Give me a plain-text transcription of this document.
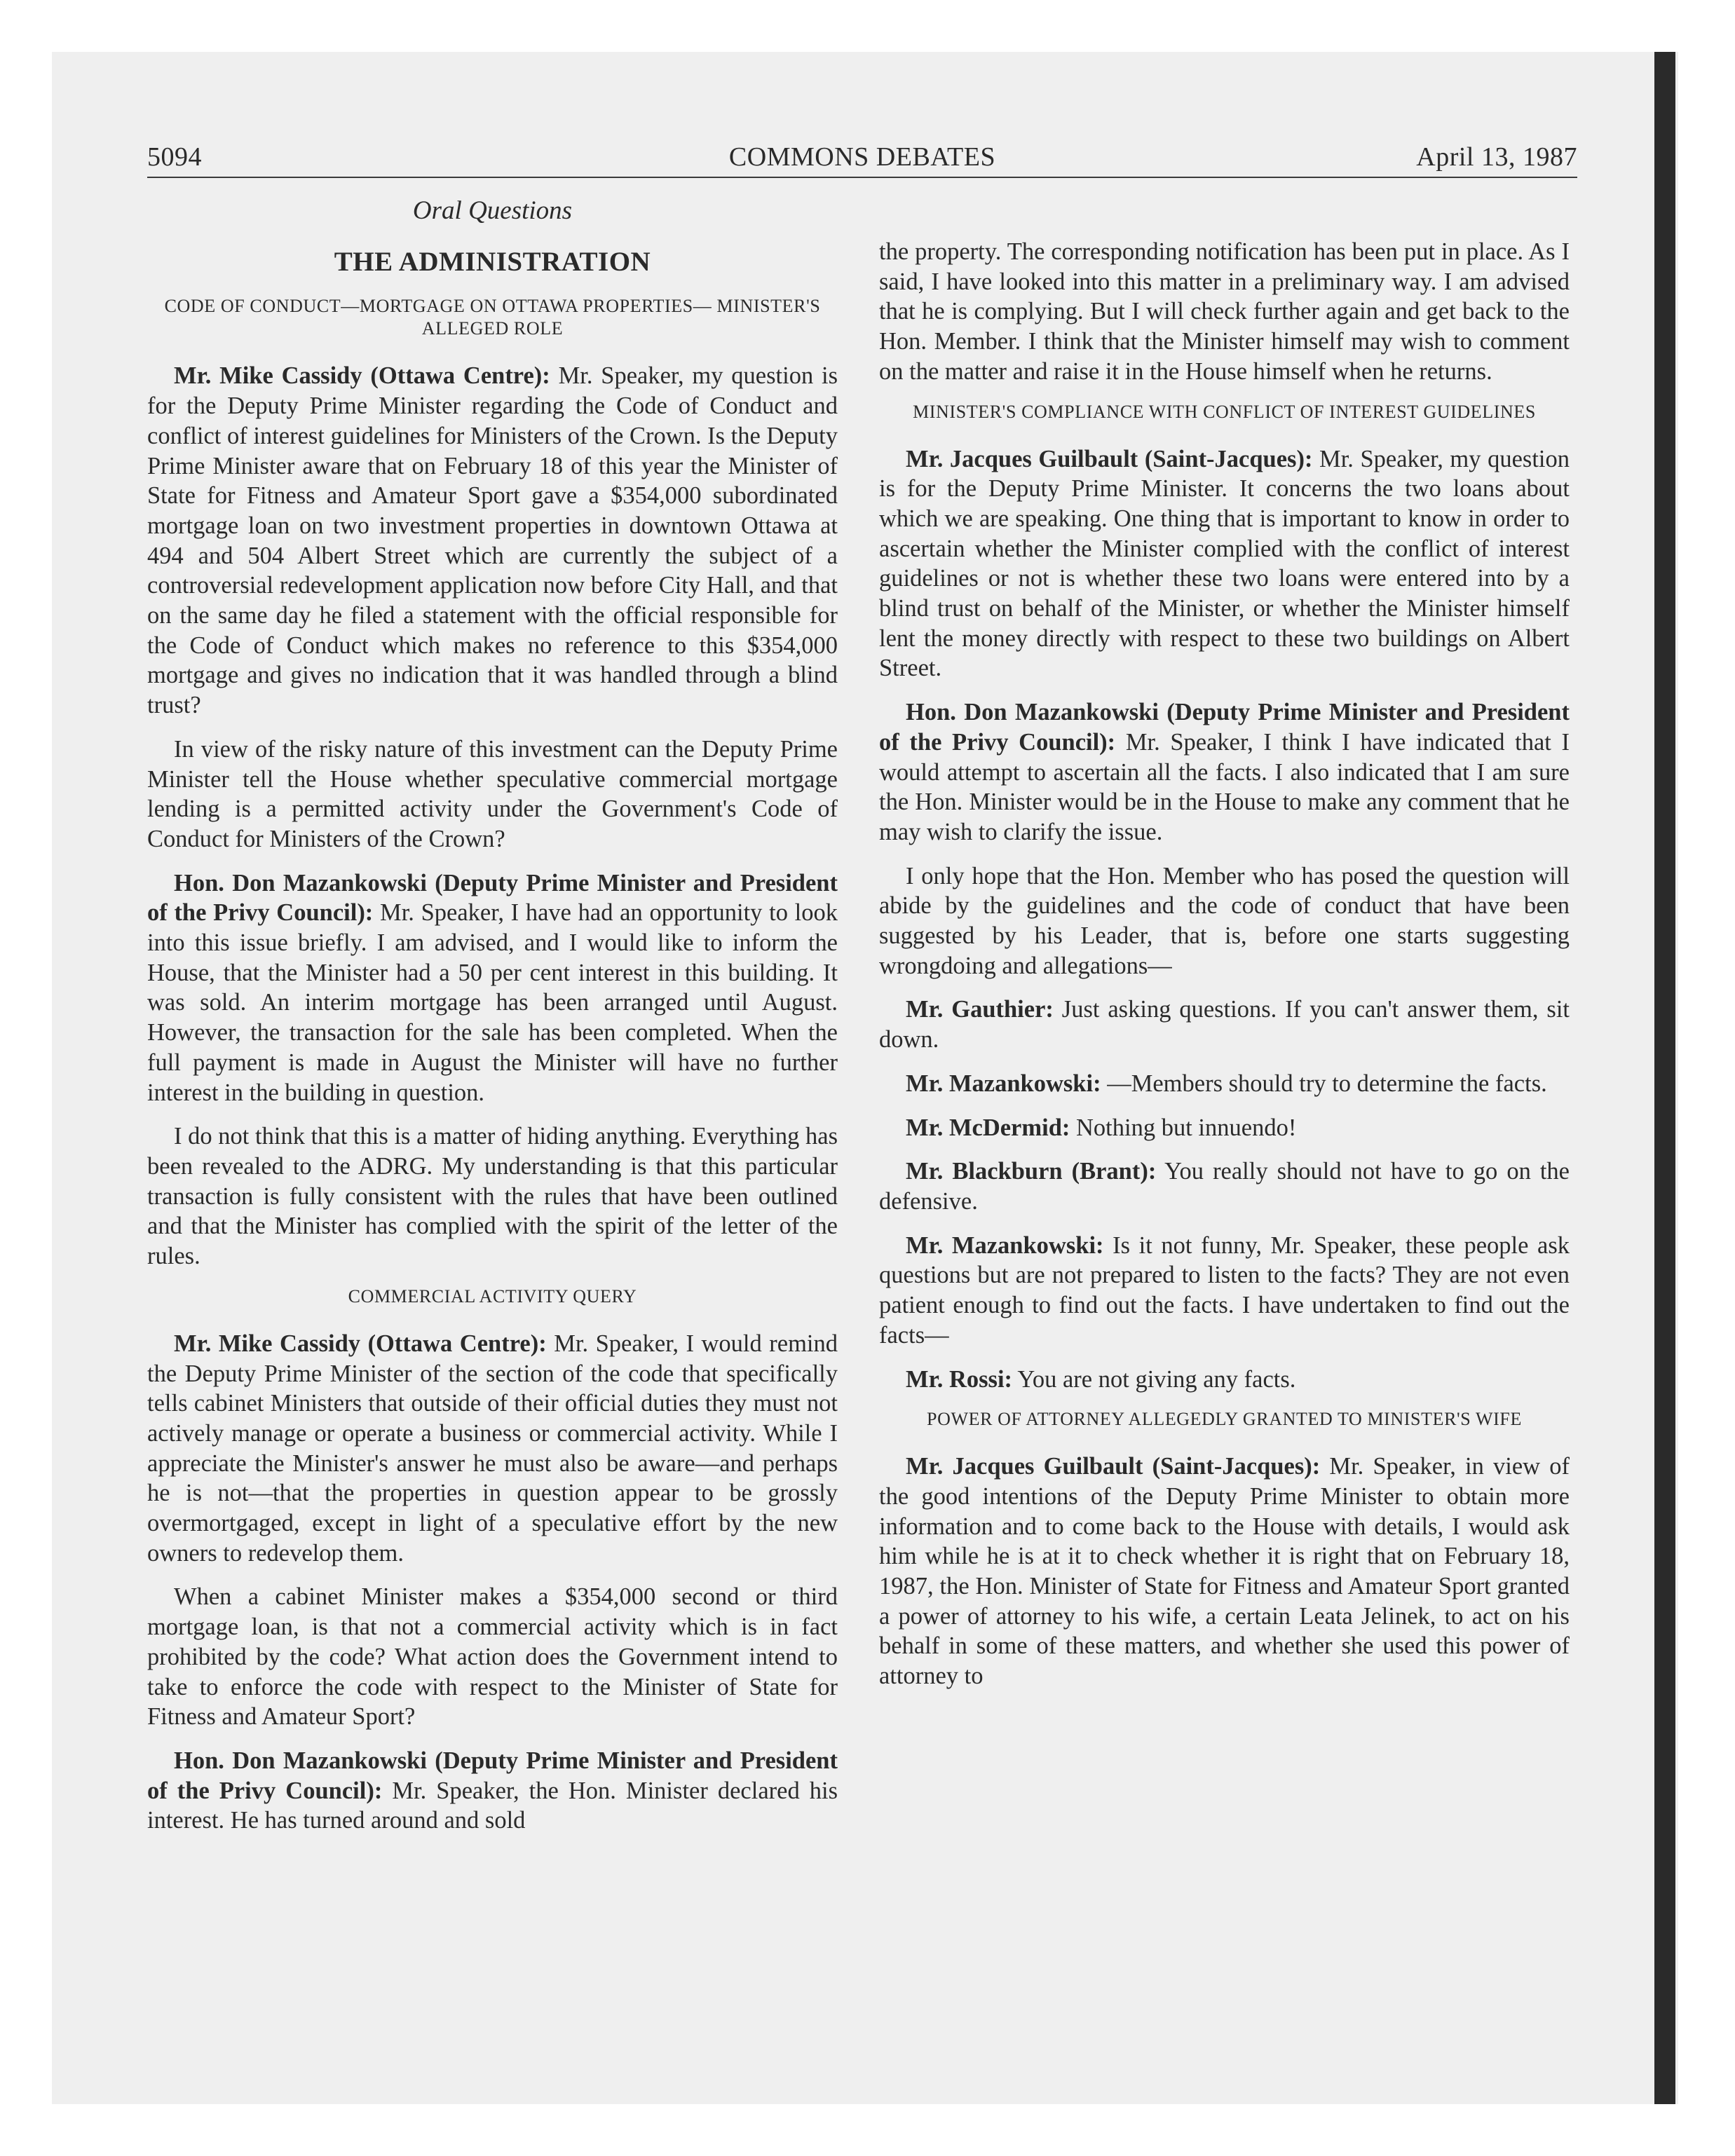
5094	COMMONS DEBATES	April 13, 1987
Oral Questions
THE ADMINISTRATION
CODE OF CONDUCT—MORTGAGE ON OTTAWA PROPERTIES— MINISTER'S ALLEGED ROLE

Mr. Mike Cassidy (Ottawa Centre): Mr. Speaker, my question is for the Deputy Prime Minister regarding the Code of Conduct and conflict of interest guidelines for Ministers of the Crown. Is the Deputy Prime Minister aware that on February 18 of this year the Minister of State for Fitness and Amateur Sport gave a $354,000 subordinated mortgage loan on two investment properties in downtown Ottawa at 494 and 504 Albert Street which are currently the subject of a controversial redevelopment application now before City Hall, and that on the same day he filed a statement with the official responsible for the Code of Conduct which makes no reference to this $354,000 mortgage and gives no indication that it was handled through a blind trust?

In view of the risky nature of this investment can the Deputy Prime Minister tell the House whether speculative commercial mortgage lending is a permitted activity under the Government's Code of Conduct for Ministers of the Crown?

Hon. Don Mazankowski (Deputy Prime Minister and President of the Privy Council): Mr. Speaker, I have had an opportunity to look into this issue briefly. I am advised, and I would like to inform the House, that the Minister had a 50 per cent interest in this building. It was sold. An interim mortgage has been arranged until August. However, the transaction for the sale has been completed. When the full payment is made in August the Minister will have no further interest in the building in question.

I do not think that this is a matter of hiding anything. Everything has been revealed to the ADRG. My understanding is that this particular transaction is fully consistent with the rules that have been outlined and that the Minister has complied with the spirit of the letter of the rules.

COMMERCIAL ACTIVITY QUERY

Mr. Mike Cassidy (Ottawa Centre): Mr. Speaker, I would remind the Deputy Prime Minister of the section of the code that specifically tells cabinet Ministers that outside of their official duties they must not actively manage or operate a business or commercial activity. While I appreciate the Minister's answer he must also be aware—and perhaps he is not—that the properties in question appear to be grossly overmortgaged, except in light of a speculative effort by the new owners to redevelop them.

When a cabinet Minister makes a $354,000 second or third mortgage loan, is that not a commercial activity which is in fact prohibited by the code? What action does the Government intend to take to enforce the code with respect to the Minister of State for Fitness and Amateur Sport?

Hon. Don Mazankowski (Deputy Prime Minister and President of the Privy Council): Mr. Speaker, the Hon. Minister declared his interest. He has turned around and sold

the property. The corresponding notification has been put in place. As I said, I have looked into this matter in a preliminary way. I am advised that he is complying. But I will check further again and get back to the Hon. Member. I think that the Minister himself may wish to comment on the matter and raise it in the House himself when he returns.

MINISTER'S COMPLIANCE WITH CONFLICT OF INTEREST GUIDELINES

Mr. Jacques Guilbault (Saint-Jacques): Mr. Speaker, my question is for the Deputy Prime Minister. It concerns the two loans about which we are speaking. One thing that is important to know in order to ascertain whether the Minister complied with the conflict of interest guidelines or not is whether these two loans were entered into by a blind trust on behalf of the Minister, or whether the Minister himself lent the money directly with respect to these two buildings on Albert Street.

Hon. Don Mazankowski (Deputy Prime Minister and President of the Privy Council): Mr. Speaker, I think I have indicated that I would attempt to ascertain all the facts. I also indicated that I am sure the Hon. Minister would be in the House to make any comment that he may wish to clarify the issue.

I only hope that the Hon. Member who has posed the question will abide by the guidelines and the code of conduct that have been suggested by his Leader, that is, before one starts suggesting wrongdoing and allegations—

Mr. Gauthier: Just asking questions. If you can't answer them, sit down.

Mr. Mazankowski: —Members should try to determine the facts.

Mr. McDermid: Nothing but innuendo!

Mr. Blackburn (Brant): You really should not have to go on the defensive.

Mr. Mazankowski: Is it not funny, Mr. Speaker, these people ask questions but are not prepared to listen to the facts? They are not even patient enough to find out the facts. I have undertaken to find out the facts—

Mr. Rossi: You are not giving any facts.

POWER OF ATTORNEY ALLEGEDLY GRANTED TO MINISTER'S WIFE

Mr. Jacques Guilbault (Saint-Jacques): Mr. Speaker, in view of the good intentions of the Deputy Prime Minister to obtain more information and to come back to the House with details, I would ask him while he is at it to check whether it is right that on February 18, 1987, the Hon. Minister of State for Fitness and Amateur Sport granted a power of attorney to his wife, a certain Leata Jelinek, to act on his behalf in some of these matters, and whether she used this power of attorney to
